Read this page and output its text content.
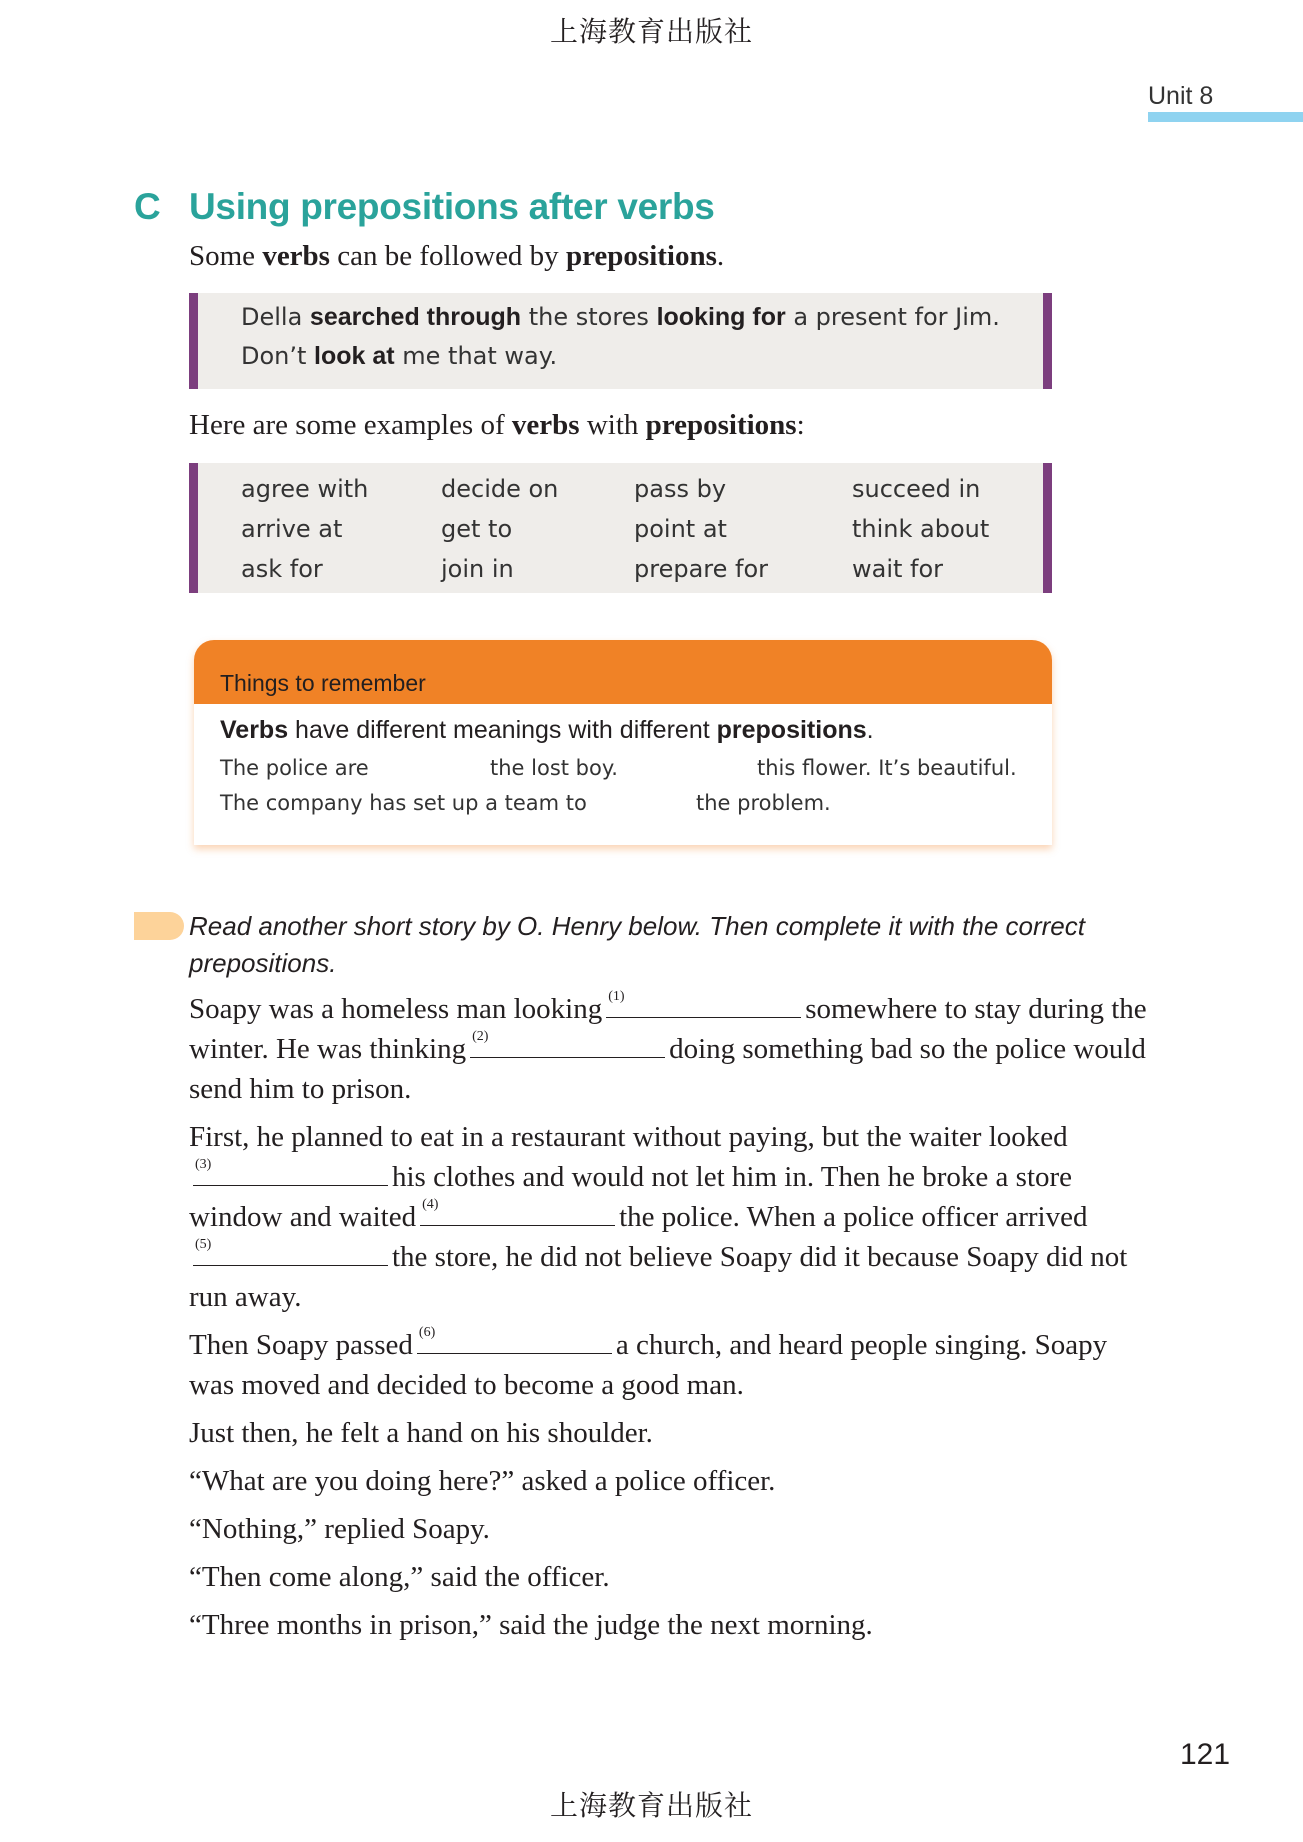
上海教育出版社
Unit 8
C Using prepositions after verbs
Some verbs can be followed by prepositions.
Della searched through the stores looking for a present for Jim.
Don’t look at me that way.
Here are some examples of verbs with prepositions:
agree with	decide on	pass by	succeed in
arrive at	get to	point at	think about
ask for	join in	prepare for	wait for
Things to remember
Verbs have different meanings with different prepositions.
The police are	the lost boy.	this flower. It’s beautiful.
The company has set up a team to	the problem.
Read another short story by O. Henry below. Then complete it with the correct prepositions.

Soapy was a homeless man looking (1)	somewhere to stay during the winter. He was thinking (2)	doing something bad so the police would send him to prison.

First, he planned to eat in a restaurant without paying, but the waiter looked
(3)	his clothes and would not let him in. Then he broke a store window and waited (4)	the police. When a police officer arrived
(5)	the store, he did not believe Soapy did it because Soapy did not run away.

Then Soapy passed (6)	a church, and heard people singing. Soapy was moved and decided to become a good man.

Just then, he felt a hand on his shoulder.

“What are you doing here?” asked a police officer.

“Nothing,” replied Soapy.

“Then come along,” said the officer.

“Three months in prison,” said the judge the next morning.

121
上海教育出版社
